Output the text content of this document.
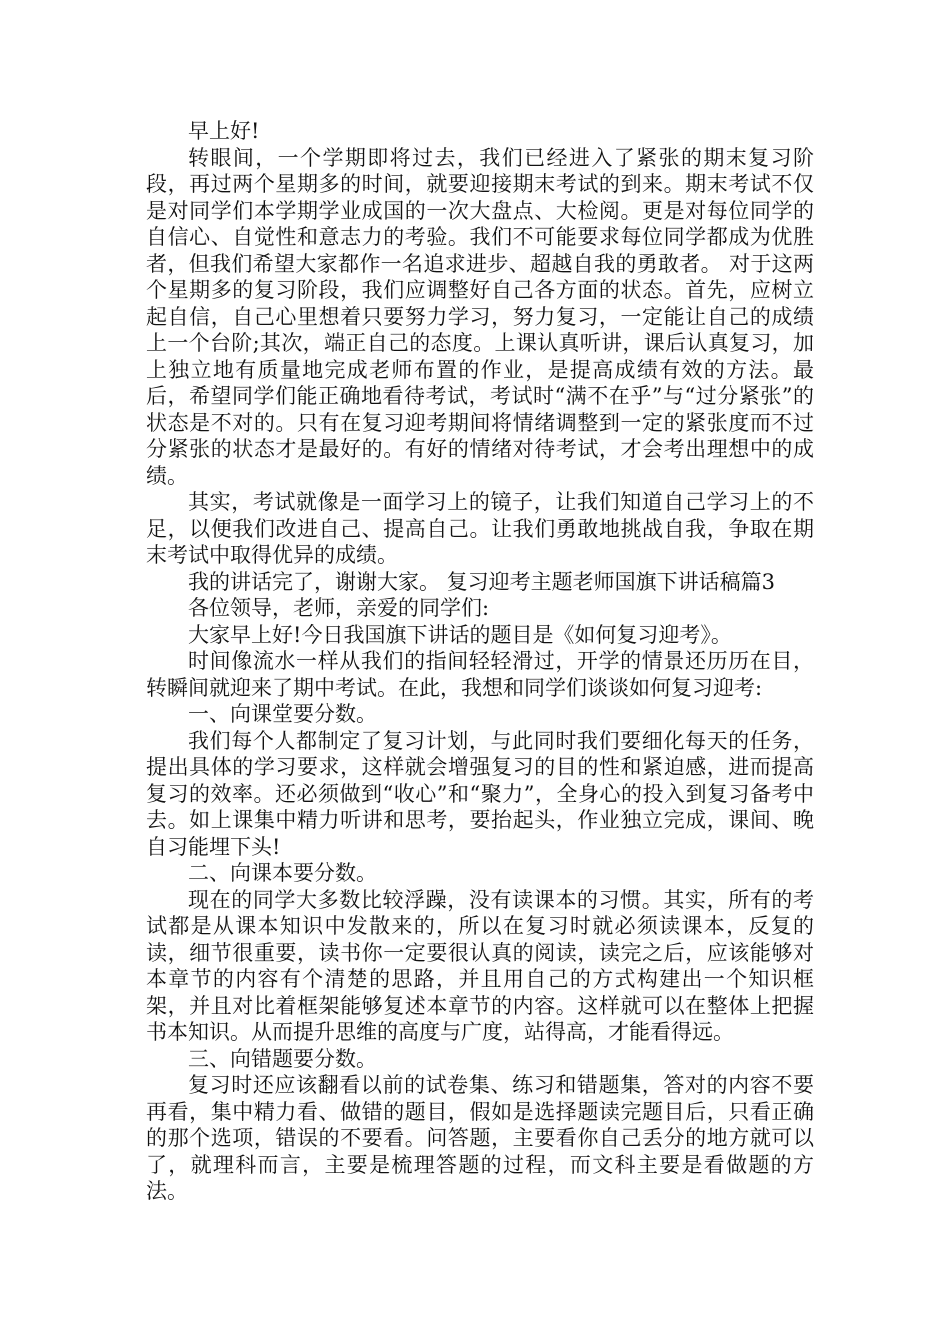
早上好!

转眼间，一个学期即将过去，我们已经进入了紧张的期末复习阶段，再过两个星期多的时间，就要迎接期末考试的到来。期末考试不仅是对同学们本学期学业成国的一次大盘点、大检阅。更是对每位同学的自信心、自觉性和意志力的考验。我们不可能要求每位同学都成为优胜者，但我们希望大家都作一名追求进步、超越自我的勇敢者。 对于这两个星期多的复习阶段，我们应调整好自己各方面的状态。首先，应树立起自信，自己心里想着只要努力学习，努力复习，一定能让自己的成绩上一个台阶;其次，端正自己的态度。上课认真听讲，课后认真复习，加上独立地有质量地完成老师布置的作业，是提高成绩有效的方法。最后，希望同学们能正确地看待考试，考试时“满不在乎”与“过分紧张”的状态是不对的。只有在复习迎考期间将情绪调整到一定的紧张度而不过分紧张的状态才是最好的。有好的情绪对待考试，才会考出理想中的成绩。

其实，考试就像是一面学习上的镜子，让我们知道自己学习上的不足，以便我们改进自己、提高自己。让我们勇敢地挑战自我，争取在期末考试中取得优异的成绩。

我的讲话完了，谢谢大家。 复习迎考主题老师国旗下讲话稿篇3

各位领导，老师，亲爱的同学们:

大家早上好!今日我国旗下讲话的题目是《如何复习迎考》。

时间像流水一样从我们的指间轻轻滑过，开学的情景还历历在目，转瞬间就迎来了期中考试。在此，我想和同学们谈谈如何复习迎考:

一、向课堂要分数。

我们每个人都制定了复习计划，与此同时我们要细化每天的任务，提出具体的学习要求，这样就会增强复习的目的性和紧迫感，进而提高复习的效率。还必须做到“收心”和“聚力”，全身心的投入到复习备考中去。如上课集中精力听讲和思考，要抬起头，作业独立完成，课间、晚自习能埋下头!

二、向课本要分数。

现在的同学大多数比较浮躁，没有读课本的习惯。其实，所有的考试都是从课本知识中发散来的，所以在复习时就必须读课本，反复的读，细节很重要，读书你一定要很认真的阅读，读完之后，应该能够对本章节的内容有个清楚的思路，并且用自己的方式构建出一个知识框架，并且对比着框架能够复述本章节的内容。这样就可以在整体上把握书本知识。从而提升思维的高度与广度，站得高，才能看得远。

三、向错题要分数。

复习时还应该翻看以前的试卷集、练习和错题集，答对的内容不要再看，集中精力看、做错的题目，假如是选择题读完题目后，只看正确的那个选项，错误的不要看。问答题，主要看你自己丢分的地方就可以了，就理科而言，主要是梳理答题的过程，而文科主要是看做题的方法。
